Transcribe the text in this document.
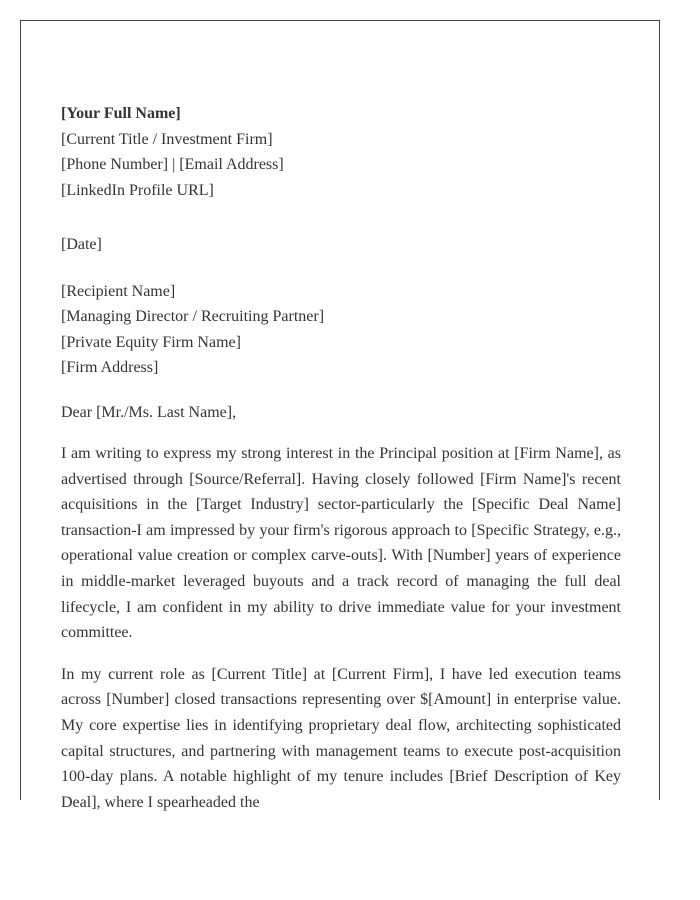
[Your Full Name]
[Current Title / Investment Firm]
[Phone Number] | [Email Address]
[LinkedIn Profile URL]
[Date]
[Recipient Name]
[Managing Director / Recruiting Partner]
[Private Equity Firm Name]
[Firm Address]
Dear [Mr./Ms. Last Name],

I am writing to express my strong interest in the Principal position at [Firm Name], as advertised through [Source/Referral]. Having closely followed [Firm Name]'s recent acquisitions in the [Target Industry] sector-particularly the [Specific Deal Name] transaction-I am impressed by your firm's rigorous approach to [Specific Strategy, e.g., operational value creation or complex carve-outs]. With [Number] years of experience in middle-market leveraged buyouts and a track record of managing the full deal lifecycle, I am confident in my ability to drive immediate value for your investment committee.

In my current role as [Current Title] at [Current Firm], I have led execution teams across [Number] closed transactions representing over $[Amount] in enterprise value. My core expertise lies in identifying proprietary deal flow, architecting sophisticated capital structures, and partnering with management teams to execute post-acquisition 100-day plans. A notable highlight of my tenure includes [Brief Description of Key Deal], where I spearheaded the
